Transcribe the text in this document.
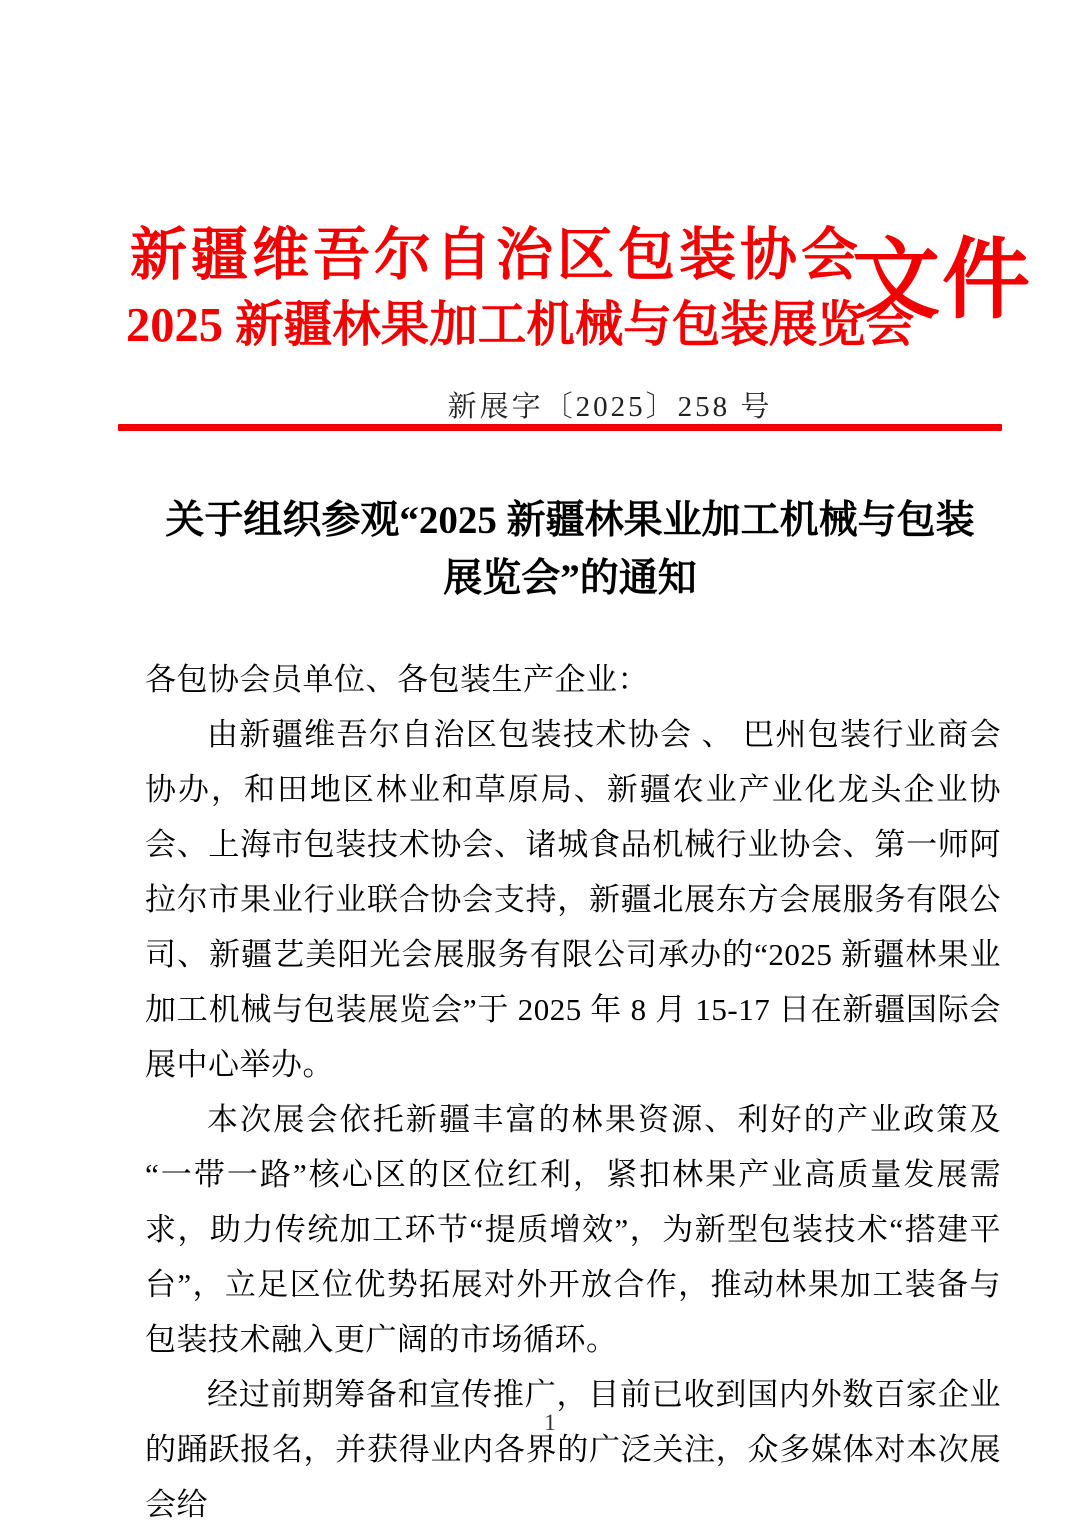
新疆维吾尔自治区包装协会
2025 新疆林果加工机械与包装展览会
文件
新展字〔2025〕258 号
关于组织参观“2025 新疆林果业加工机械与包装
展览会”的通知

各包协会员单位、各包装生产企业：

由新疆维吾尔自治区包装技术协会 、 巴州包装行业商会协办，和田地区林业和草原局、新疆农业产业化龙头企业协会、上海市包装技术协会、诸城食品机械行业协会、第一师阿拉尔市果业行业联合协会支持，新疆北展东方会展服务有限公司、新疆艺美阳光会展服务有限公司承办的“2025 新疆林果业加工机械与包装展览会”于 2025 年 8 月 15-17 日在新疆国际会展中心举办。

本次展会依托新疆丰富的林果资源、利好的产业政策及“一带一路”核心区的区位红利，紧扣林果产业高质量发展需求，助力传统加工环节“提质增效”，为新型包装技术“搭建平台”，立足区位优势拓展对外开放合作，推动林果加工装备与包装技术融入更广阔的市场循环。

经过前期筹备和宣传推广，目前已收到国内外数百家企业的踊跃报名，并获得业内各界的广泛关注，众多媒体对本次展会给

1
